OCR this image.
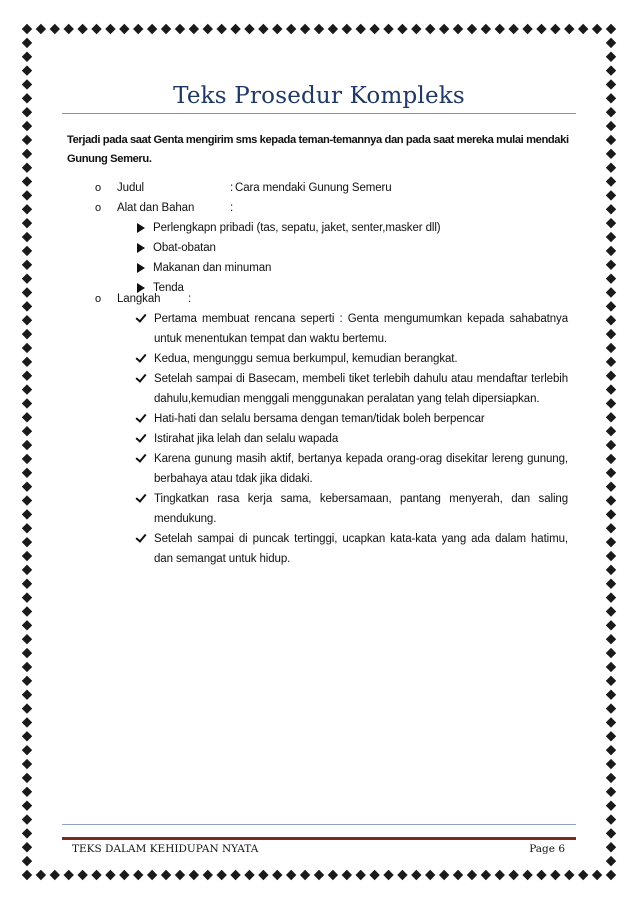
Teks Prosedur Kompleks

Terjadi pada saat Genta mengirim sms kepada teman-temannya dan pada saat mereka mulai mendaki Gunung Semeru.

o Judul	: Cara mendaki Gunung Semeru
o Alat dan Bahan	:
Perlengkapn pribadi (tas, sepatu, jaket, senter,masker dll)
Obat-obatan
Makanan dan minuman
Tenda
o Langkah :
Pertama membuat rencana seperti : Genta mengumumkan kepada sahabatnya untuk menentukan tempat dan waktu bertemu.
Kedua, mengunggu semua berkumpul, kemudian berangkat.
Setelah sampai di Basecam, membeli tiket terlebih dahulu atau mendaftar terlebih dahulu,kemudian menggali menggunakan peralatan yang telah dipersiapkan.
Hati-hati dan selalu bersama dengan teman/tidak boleh berpencar
Istirahat jika lelah dan selalu wapada
Karena gunung masih aktif, bertanya kepada orang-orag disekitar lereng gunung, berbahaya atau tdak jika didaki.
Tingkatkan rasa kerja sama, kebersamaan, pantang menyerah, dan saling mendukung.
Setelah sampai di puncak tertinggi, ucapkan kata-kata yang ada dalam hatimu, dan semangat untuk hidup.
TEKS DALAM KEHIDUPAN NYATA	Page 6
